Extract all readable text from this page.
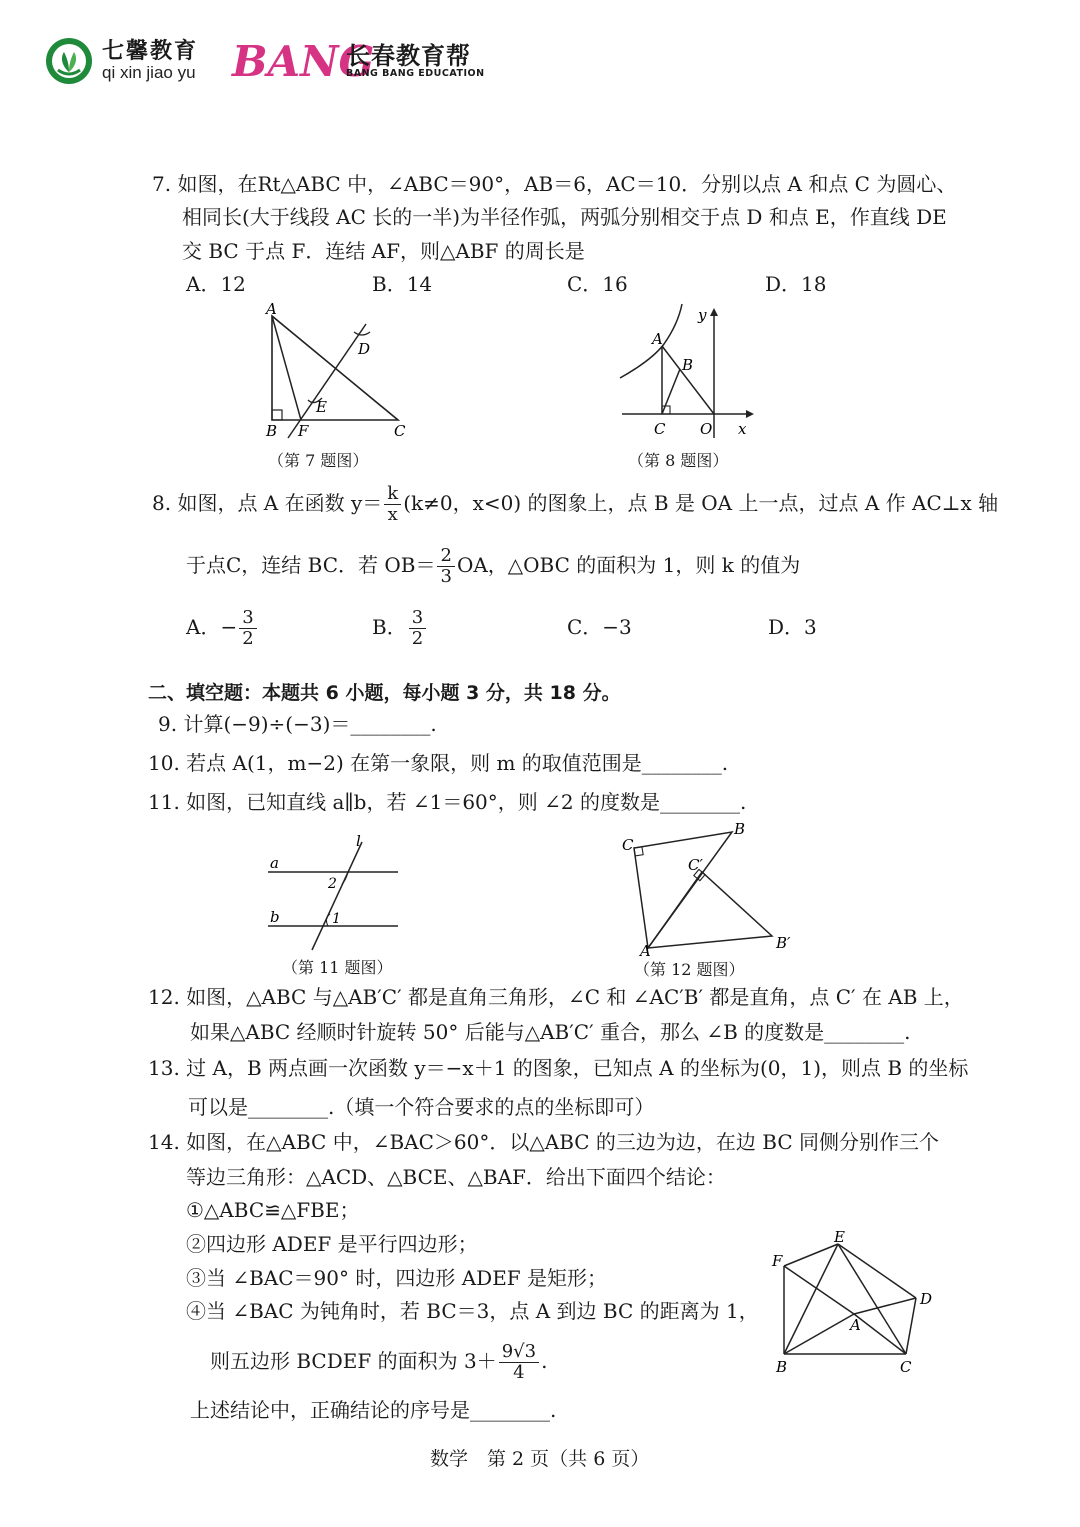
七馨教育
qi xin jiao yu BANG
长春教育帮
BANG BANG EDUCATION
7. 如图，在Rt△ABC 中，∠ABC＝90°，AB＝6，AC＝10．分别以点 A 和点 C 为圆心、
相同长(大于线段 AC 长的一半)为半径作弧，两弧分别相交于点 D 和点 E，作直线 DE
交 BC 于点 F．连结 AF，则△ABF 的周长是
A．12	B．14	C．16	D．18
A
B	C
D
E
F
（第 7 题图）
A
B
C O x
y
（第 8 题图）
8. 如图，点 A 在函数 $y= \frac{k}{x} (k\ne 0$，x<0) 的图象上，点 B 是 OA 上一点，过点 A 作 AC⊥x 轴
于点C，连结 BC．若 $OB= \frac{2}{3}$ OA，△OBC 的面积为 1，则 k 的值为
A．− $\frac{3}{2}$	B． $\frac{3}{2}$	C．−3	D．3
二、填空题：本题共 6 小题，每小题 3 分，共 18 分。
9. 计算(−9)÷(−3)＝________.
10. 若点 A(1，m−2) 在第一象限，则 m 的取值范围是________.
11. 如图，已知直线 a∥b，若 ∠1＝60°，则 ∠2 的度数是________.
a
b
l
2
1
（第 11 题图）
A
B
C
B′
C′
（第 12 题图）
12. 如图，△ABC 与△AB′C′ 都是直角三角形，∠C 和 ∠AC′B′ 都是直角，点 C′ 在 AB 上，
如果△ABC 经顺时针旋转 50° 后能与△AB′C′ 重合，那么 ∠B 的度数是________.
13. 过 A，B 两点画一次函数 y＝−x＋1 的图象，已知点 A 的坐标为(0，1)，则点 B 的坐标
可以是________.（填一个符合要求的点的坐标即可）
14. 如图，在△ABC 中，∠BAC＞60°．以△ABC 的三边为边，在边 BC 同侧分别作三个
等边三角形：△ACD、△BCE、△BAF．给出下面四个结论：
①△ABC≌△FBE；
②四边形 ADEF 是平行四边形；
③当 ∠BAC＝90° 时，四边形 ADEF 是矩形；
④当 ∠BAC 为钝角时，若 BC＝3，点 A 到边 BC 的距离为 1，
则五边形 BCDEF 的面积为 $3+ \frac{9√3}{4}$ .
上述结论中，正确结论的序号是________.
A
B	C
D
E
F
数学　第 2 页（共 6 页）
